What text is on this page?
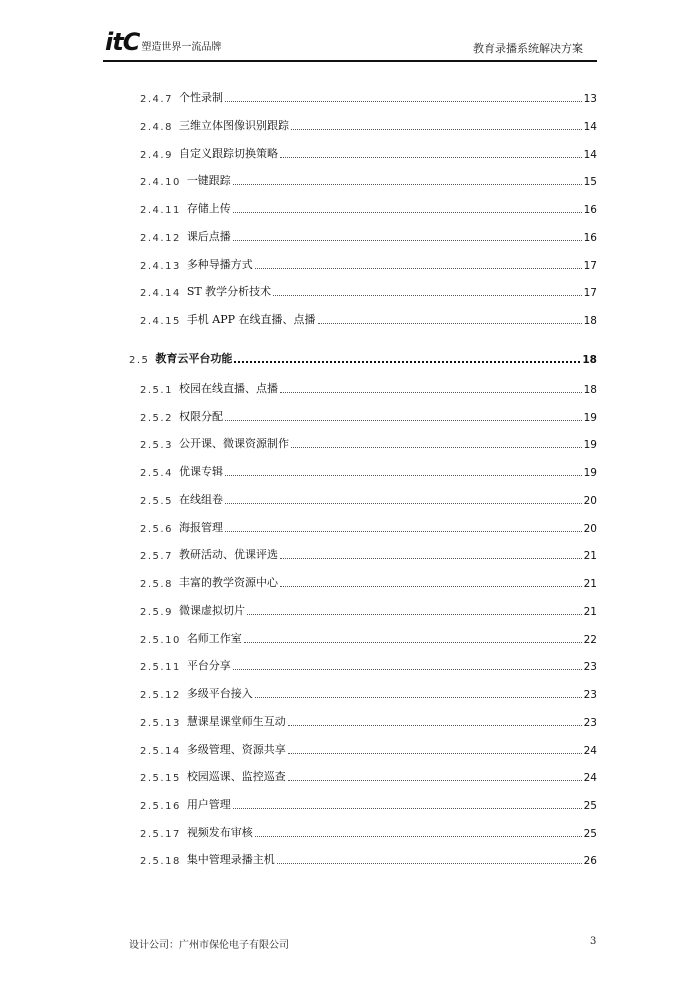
itC 塑造世界一流品牌	教育录播系统解决方案
2.4.7 个性录制	13
2.4.8 三维立体图像识别跟踪	14
2.4.9 自定义跟踪切换策略	14
2.4.10 一键跟踪	15
2.4.11 存储上传	16
2.4.12 课后点播	16
2.4.13 多种导播方式	17
2.4.14 ST 教学分析技术	17
2.4.15 手机 APP 在线直播、点播	18
2.5 教育云平台功能	18
2.5.1 校园在线直播、点播	18
2.5.2 权限分配	19
2.5.3 公开课、微课资源制作	19
2.5.4 优课专辑	19
2.5.5 在线组卷	20
2.5.6 海报管理	20
2.5.7 教研活动、优课评选	21
2.5.8 丰富的教学资源中心	21
2.5.9 微课虚拟切片	21
2.5.10 名师工作室	22
2.5.11 平台分享	23
2.5.12 多级平台接入	23
2.5.13 慧课星课堂师生互动	23
2.5.14 多级管理、资源共享	24
2.5.15 校园巡课、监控巡查	24
2.5.16 用户管理	25
2.5.17 视频发布审核	25
2.5.18 集中管理录播主机	26
设计公司：广州市保伦电子有限公司	3
